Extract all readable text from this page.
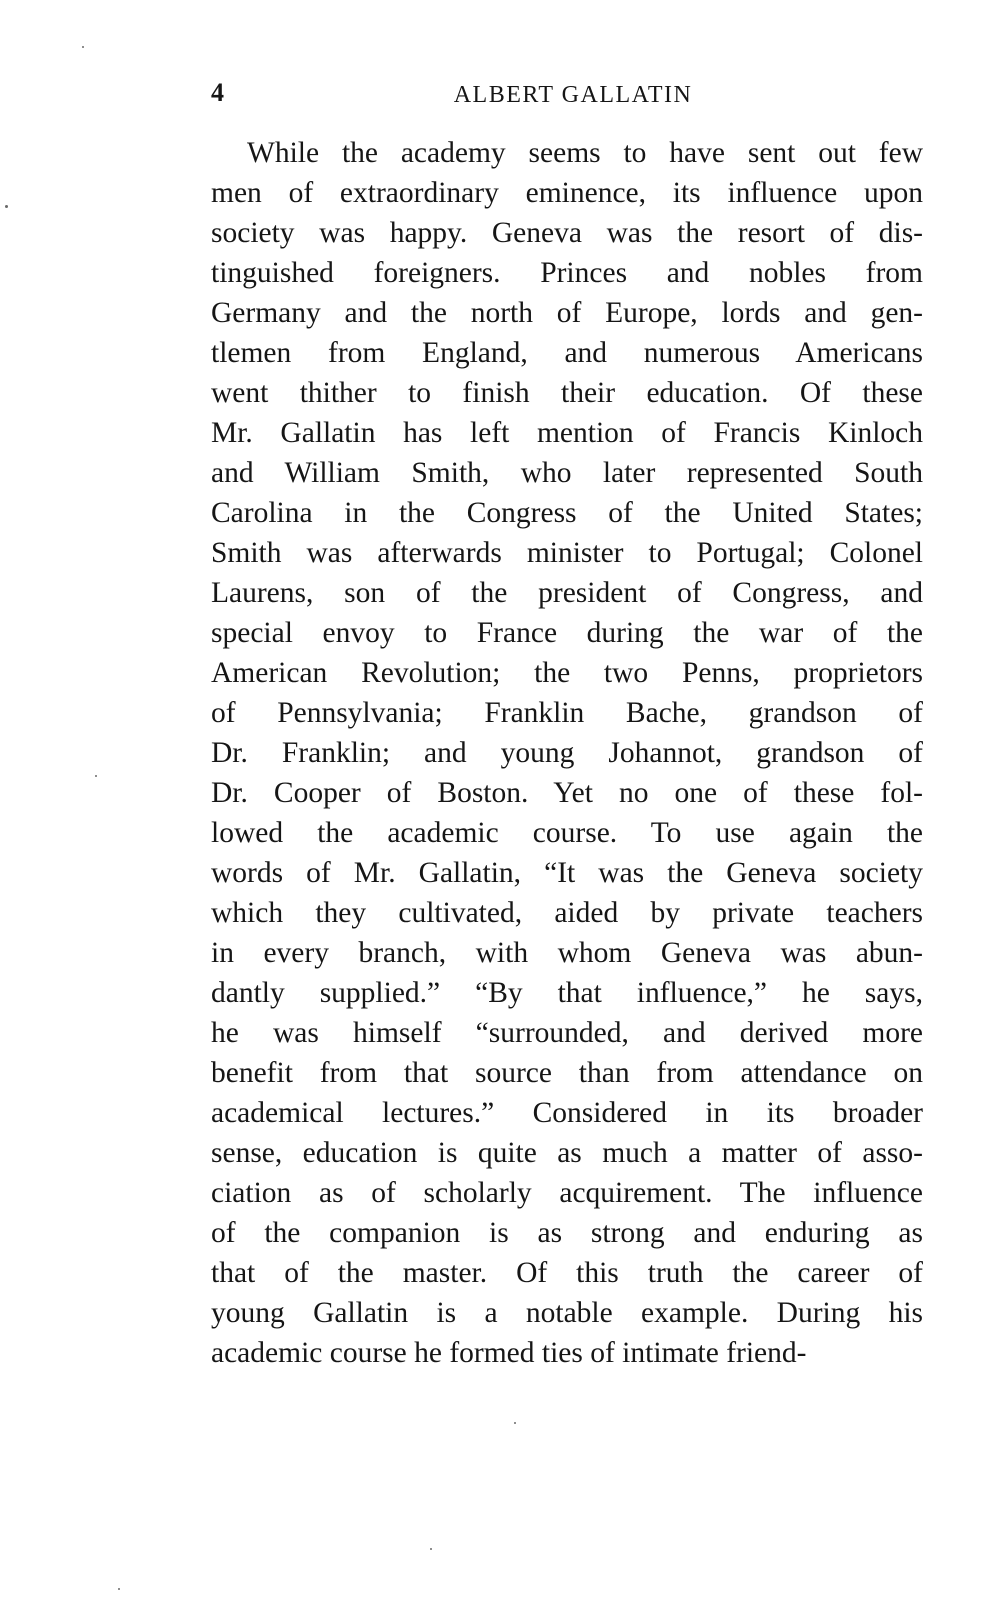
4	ALBERT GALLATIN
While the academy seems to have sent out few
men of extraordinary eminence, its influence upon
society was happy. Geneva was the resort of dis-
tinguished foreigners. Princes and nobles from
Germany and the north of Europe, lords and gen-
tlemen from England, and numerous Americans
went thither to finish their education. Of these
Mr. Gallatin has left mention of Francis Kinloch
and William Smith, who later represented South
Carolina in the Congress of the United States;
Smith was afterwards minister to Portugal; Colonel
Laurens, son of the president of Congress, and
special envoy to France during the war of the
American Revolution; the two Penns, proprietors
of Pennsylvania; Franklin Bache, grandson of
Dr. Franklin; and young Johannot, grandson of
Dr. Cooper of Boston. Yet no one of these fol-
lowed the academic course. To use again the
words of Mr. Gallatin, “It was the Geneva society
which they cultivated, aided by private teachers
in every branch, with whom Geneva was abun-
dantly supplied.” “By that influence,” he says,
he was himself “surrounded, and derived more
benefit from that source than from attendance on
academical lectures.” Considered in its broader
sense, education is quite as much a matter of asso-
ciation as of scholarly acquirement. The influence
of the companion is as strong and enduring as
that of the master. Of this truth the career of
young Gallatin is a notable example. During his
academic course he formed ties of intimate friend-
